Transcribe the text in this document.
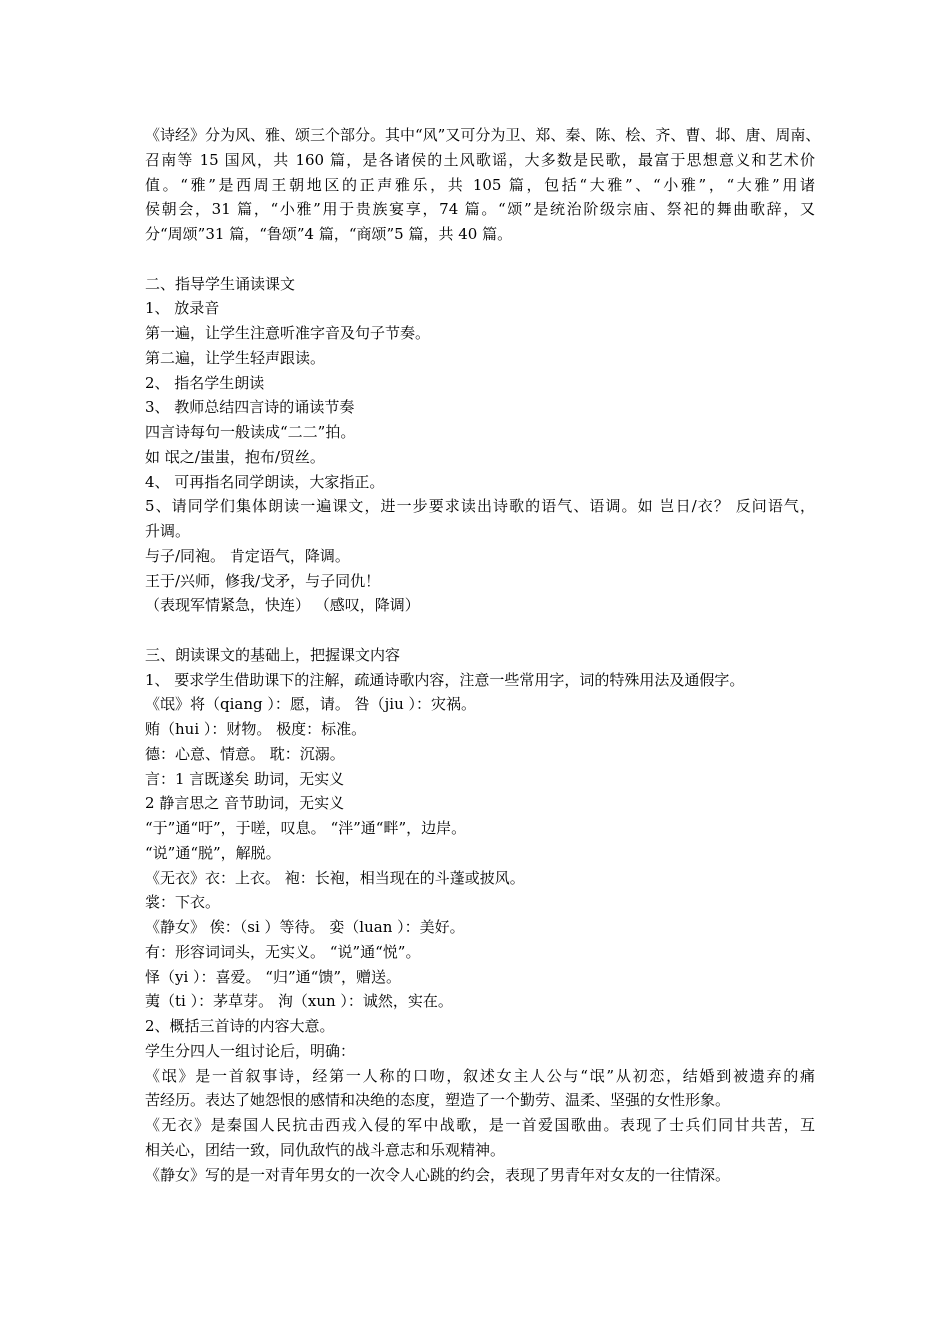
《诗经》分为风、雅、颂三个部分。其中“风”又可分为卫、郑、秦、陈、桧、齐、曹、邶、唐、周南、
召南等 15 国风，共 160 篇，是各诸侯的土风歌谣，大多数是民歌，最富于思想意义和艺术价
值。“雅”是西周王朝地区的正声雅乐，共 105 篇，包括“大雅”、“小雅”，“大雅”用诸
侯朝会，31 篇，“小雅”用于贵族宴享，74 篇。“颂”是统治阶级宗庙、祭祀的舞曲歌辞，又
分“周颂”31 篇，“鲁颂”4 篇，“商颂”5 篇，共 40 篇。
二、指导学生诵读课文
1、 放录音
第一遍，让学生注意听准字音及句子节奏。
第二遍，让学生轻声跟读。
2、 指名学生朗读
3、 教师总结四言诗的诵读节奏
四言诗每句一般读成“二二”拍。
如 氓之/蚩蚩，抱布/贸丝。
4、 可再指名同学朗读，大家指正。
5、请同学们集体朗读一遍课文，进一步要求读出诗歌的语气、语调。如 岂日/衣？ 反问语气，
升调。
与子/同袍。 肯定语气，降调。
王于/兴师，修我/戈矛，与子同仇！
（表现军情紧急，快连） （感叹，降调）
三、朗读课文的基础上，把握课文内容
1、 要求学生借助课下的注解，疏通诗歌内容，注意一些常用字，词的特殊用法及通假字。
《氓》将（qiang ）：愿，请。 咎（jiu ）：灾祸。
贿（hui ）：财物。 极度：标准。
德：心意、情意。 耽：沉溺。
言：1 言既遂矣 助词，无实义
2 静言思之 音节助词，无实义
“于”通“吁”，于嗟，叹息。 “泮”通“畔”，边岸。
“说”通“脱”，解脱。
《无衣》衣：上衣。 袍：长袍，相当现在的斗蓬或披风。
裳：下衣。
《静女》 俟：（si ）等待。 娈（luan ）：美好。
有：形容词词头，无实义。 “说”通“悦”。
怿（yi ）：喜爱。 “归”通“馈”，赠送。
荑（ti ）：茅草芽。 洵（xun ）：诚然，实在。
2、概括三首诗的内容大意。
学生分四人一组讨论后，明确：
《氓》是一首叙事诗，经第一人称的口吻，叙述女主人公与“氓”从初恋，结婚到被遗弃的痛
苦经历。表达了她怨恨的感情和决绝的态度，塑造了一个勤劳、温柔、坚强的女性形象。
《无衣》是秦国人民抗击西戎入侵的军中战歌，是一首爱国歌曲。表现了士兵们同甘共苦，互
相关心，团结一致，同仇敌忾的战斗意志和乐观精神。
《静女》写的是一对青年男女的一次令人心跳的约会，表现了男青年对女友的一往情深。
